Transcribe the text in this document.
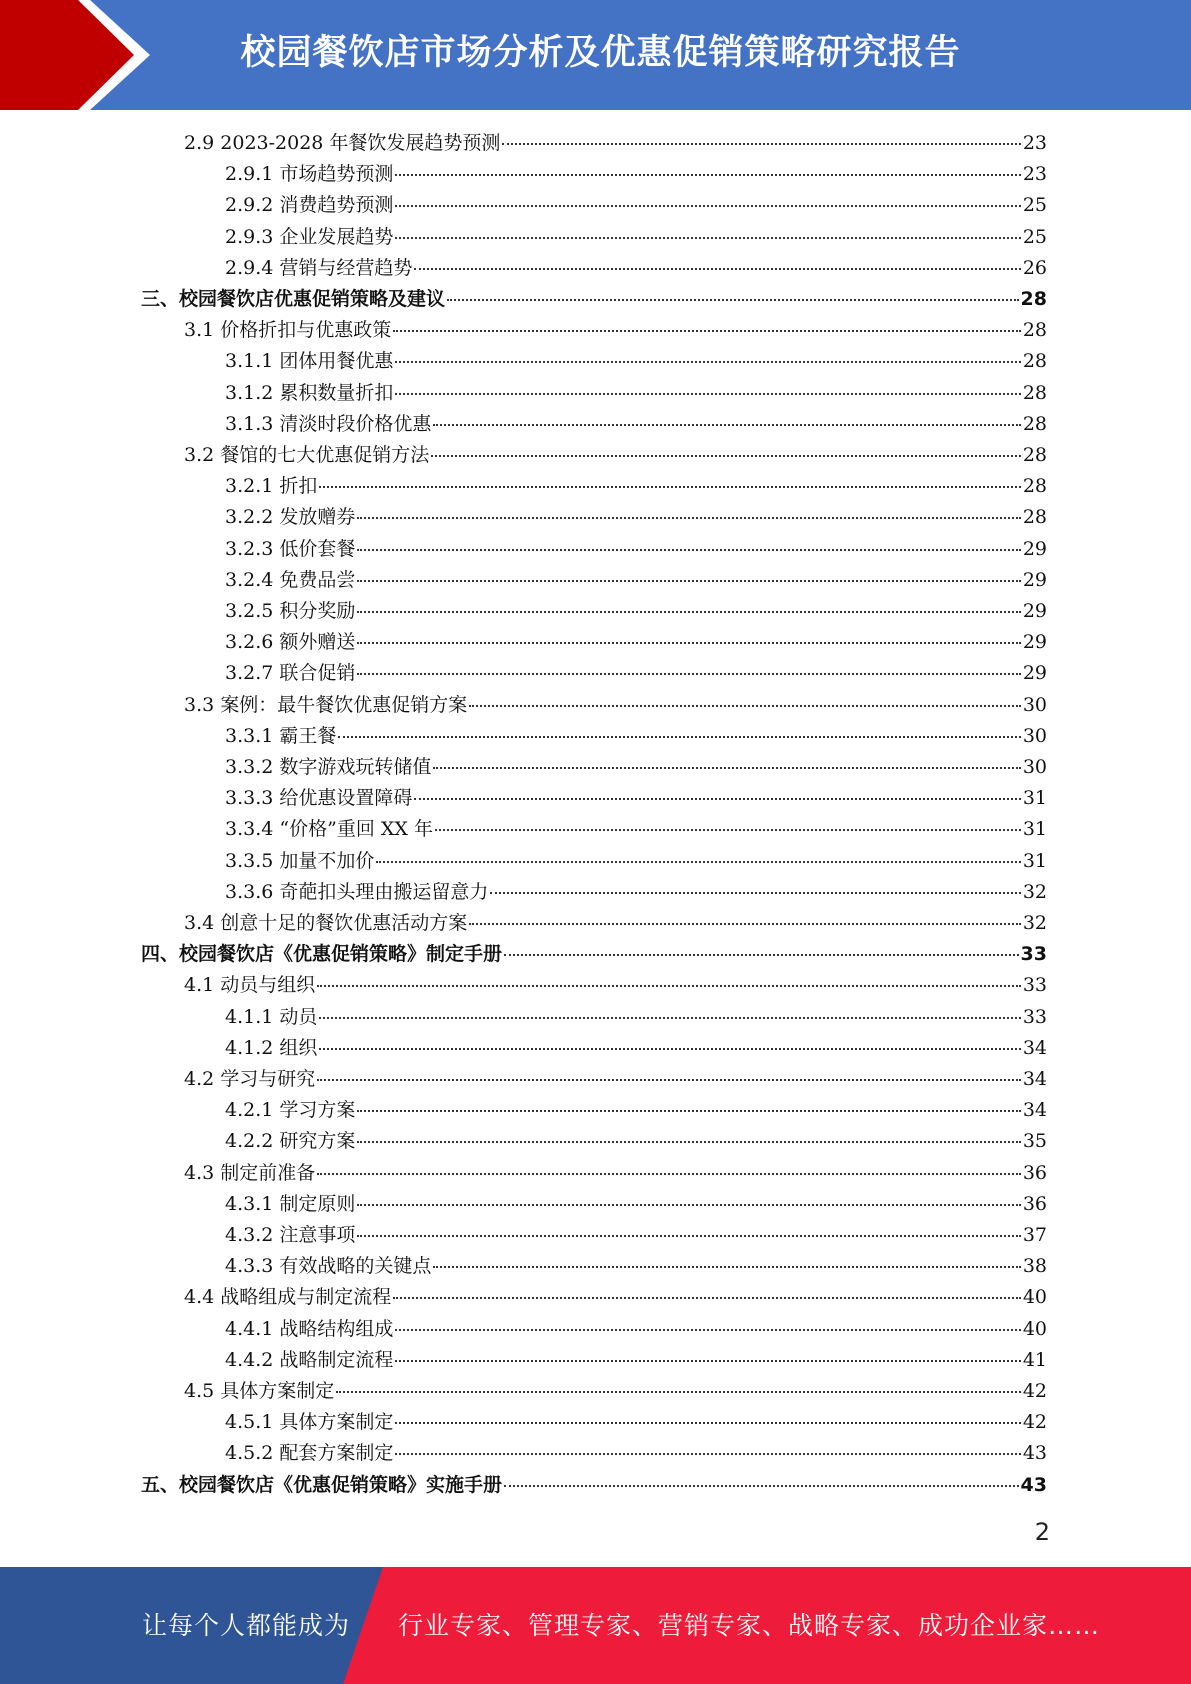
校园餐饮店市场分析及优惠促销策略研究报告
2.9 2023-2028 年餐饮发展趋势预测	23
2.9.1 市场趋势预测	23
2.9.2 消费趋势预测	25
2.9.3 企业发展趋势	25
2.9.4 营销与经营趋势	26
三、 校园餐饮店优惠促销策略及建议	28
3.1 价格折扣与优惠政策	28
3.1.1 团体用餐优惠	28
3.1.2 累积数量折扣	28
3.1.3 清淡时段价格优惠	28
3.2 餐馆的七大优惠促销方法	28
3.2.1 折扣	28
3.2.2 发放赠券	28
3.2.3 低价套餐	29
3.2.4 免费品尝	29
3.2.5 积分奖励	29
3.2.6 额外赠送	29
3.2.7 联合促销	29
3.3 案例：最牛餐饮优惠促销方案	30
3.3.1 霸王餐	30
3.3.2 数字游戏玩转储值	30
3.3.3 给优惠设置障碍	31
3.3.4 “价格”重回 XX 年	31
3.3.5 加量不加价	31
3.3.6 奇葩扣头理由搬运留意力	32
3.4 创意十足的餐饮优惠活动方案	32
四、 校园餐饮店《优惠促销策略》制定手册	33
4.1 动员与组织	33
4.1.1 动员	33
4.1.2 组织	34
4.2 学习与研究	34
4.2.1 学习方案	34
4.2.2 研究方案	35
4.3 制定前准备	36
4.3.1 制定原则	36
4.3.2 注意事项	37
4.3.3 有效战略的关键点	38
4.4 战略组成与制定流程	40
4.4.1 战略结构组成	40
4.4.2 战略制定流程	41
4.5 具体方案制定	42
4.5.1 具体方案制定	42
4.5.2 配套方案制定	43
五、 校园餐饮店《优惠促销策略》实施手册	43
2
让每个人都能成为 行业专家、管理专家、营销专家、战略专家、成功企业家……
